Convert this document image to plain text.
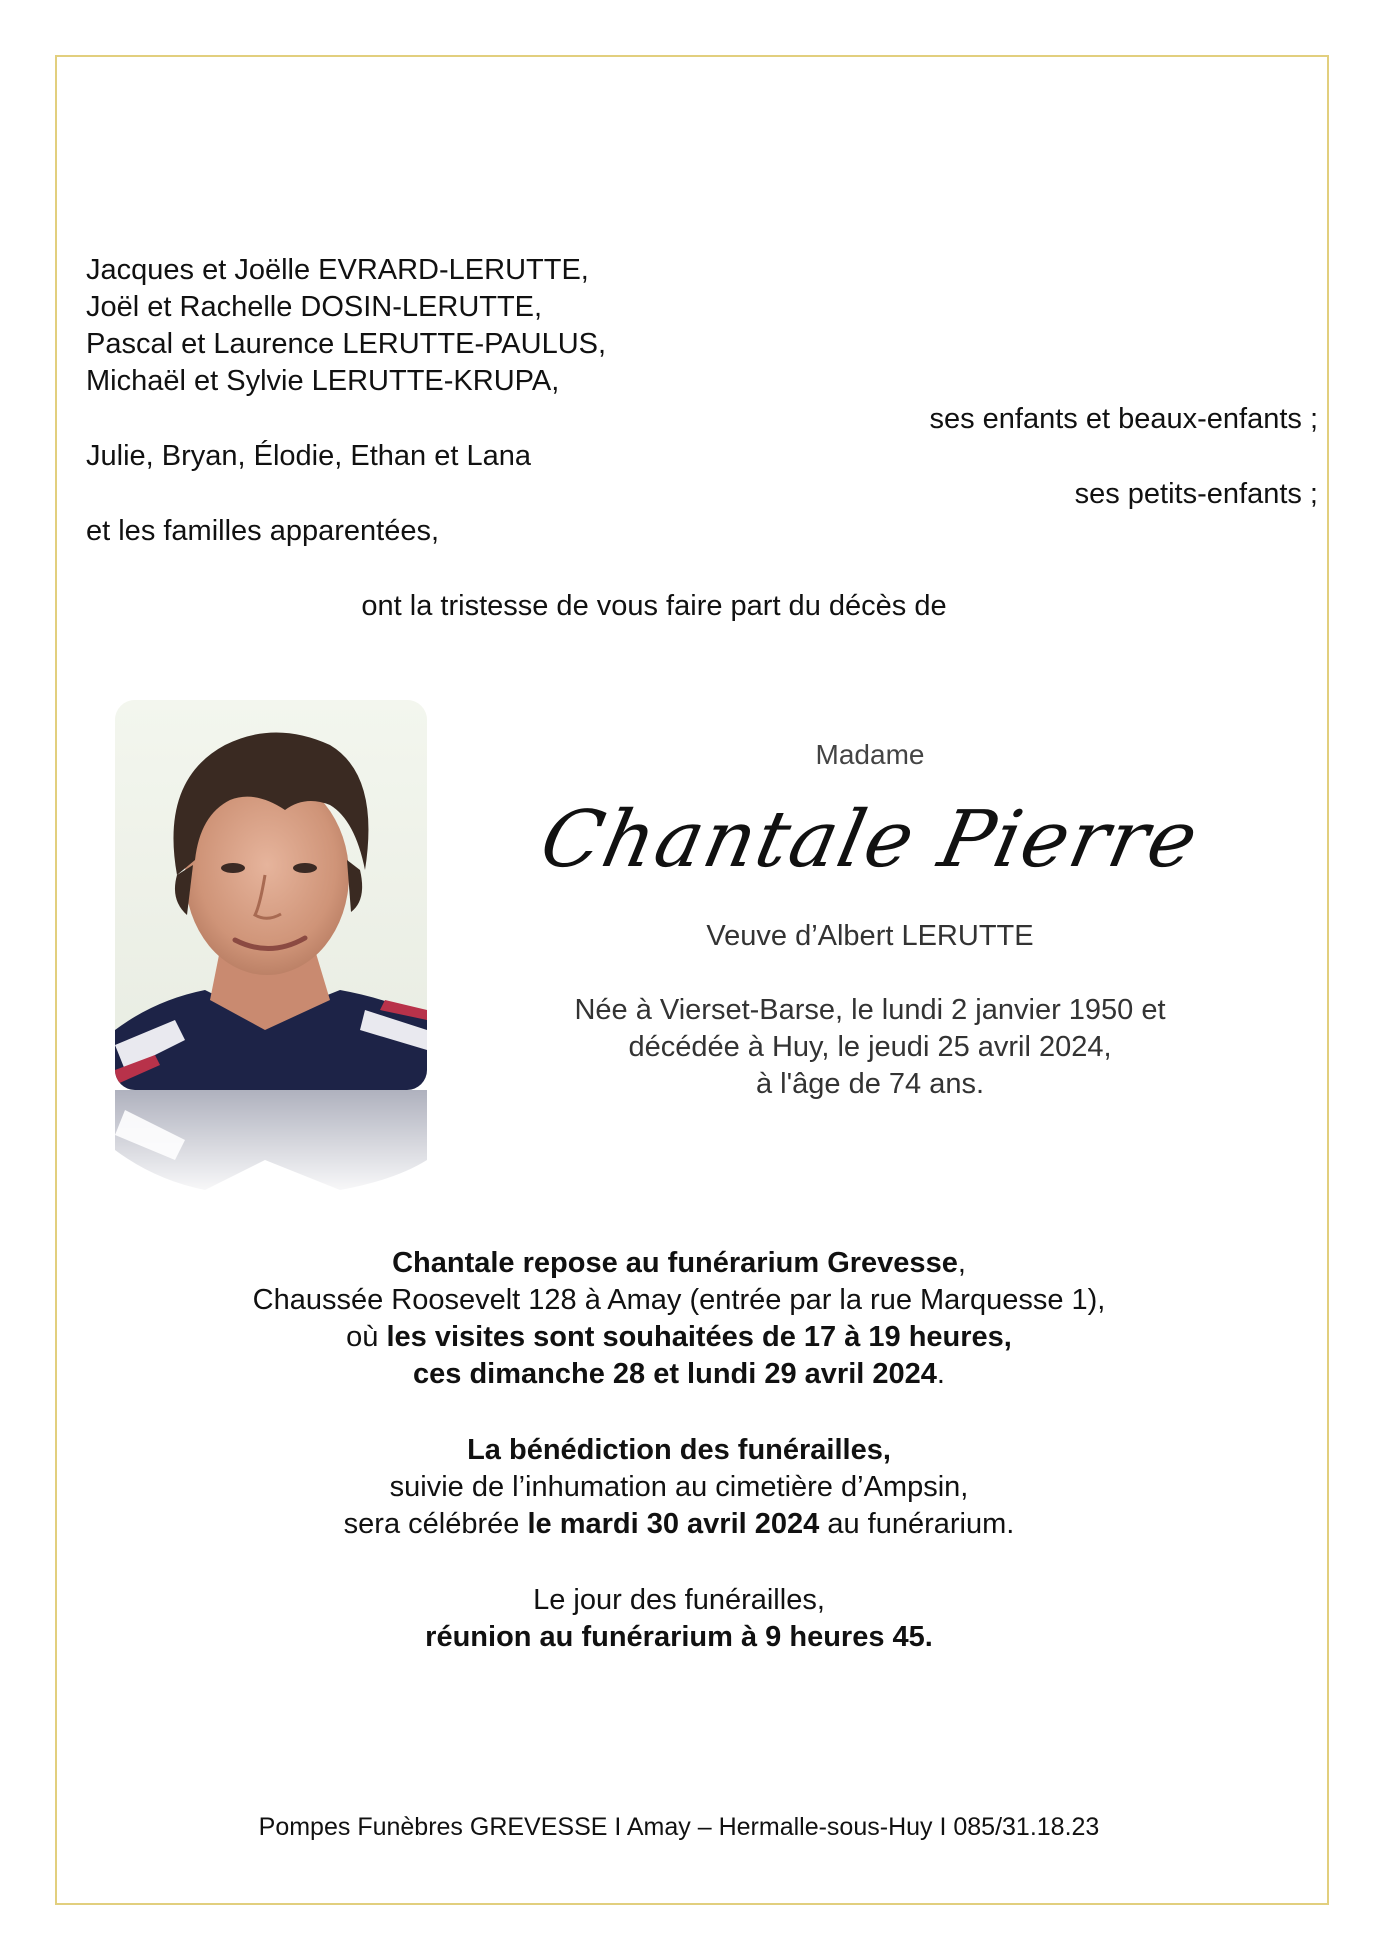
Jacques et Joëlle EVRARD-LERUTTE,
Joël et Rachelle DOSIN-LERUTTE,
Pascal et Laurence LERUTTE-PAULUS,
Michaël et Sylvie LERUTTE-KRUPA,
ses enfants et beaux-enfants ;
Julie, Bryan, Élodie, Ethan et Lana
ses petits-enfants ;
et les familles apparentées,
ont la tristesse de vous faire part du décès de
Madame
Chantale Pierre
Veuve d’Albert LERUTTE
Née à Vierset-Barse, le lundi 2 janvier 1950 et
décédée à Huy, le jeudi 25 avril 2024,
à l'âge de 74 ans.
Chantale repose au funérarium Grevesse,
Chaussée Roosevelt 128 à Amay (entrée par la rue Marquesse 1),
où les visites sont souhaitées de 17 à 19 heures,
ces dimanche 28 et lundi 29 avril 2024.
La bénédiction des funérailles,
suivie de l’inhumation au cimetière d’Ampsin,
sera célébrée le mardi 30 avril 2024 au funérarium.
Le jour des funérailles,
réunion au funérarium à 9 heures 45.
Pompes Funèbres GREVESSE I Amay – Hermalle-sous-Huy I 085/31.18.23
